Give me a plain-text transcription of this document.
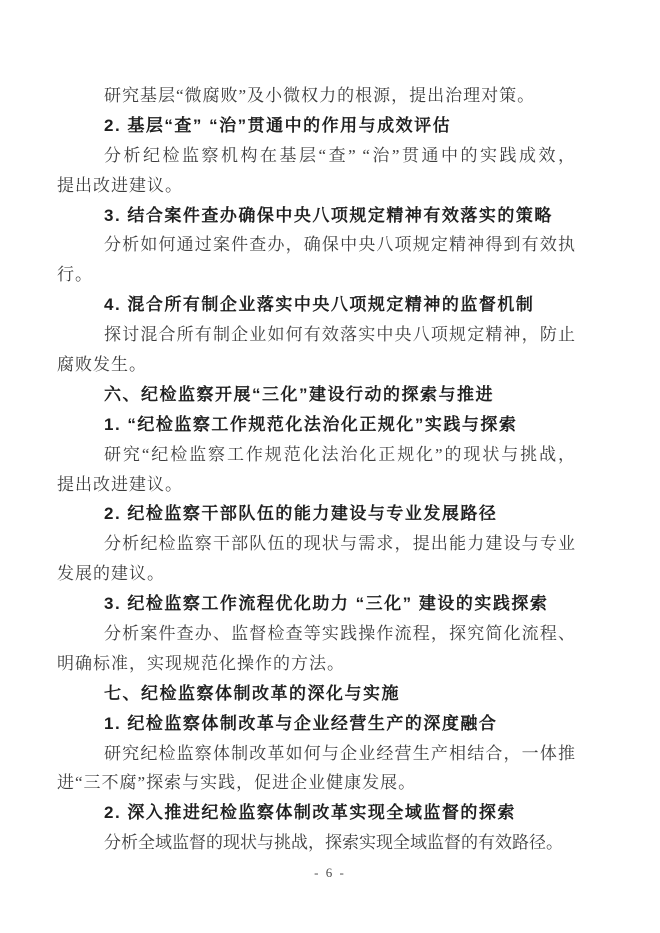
研究基层“微腐败”及小微权力的根源，提出治理对策。
2. 基层“查” “治”贯通中的作用与成效评估
分析纪检监察机构在基层“查” “治”贯通中的实践成效，
提出改进建议。
3. 结合案件查办确保中央八项规定精神有效落实的策略
分析如何通过案件查办，确保中央八项规定精神得到有效执
行。
4. 混合所有制企业落实中央八项规定精神的监督机制
探讨混合所有制企业如何有效落实中央八项规定精神，防止
腐败发生。
六、纪检监察开展“三化”建设行动的探索与推进
1. “纪检监察工作规范化法治化正规化”实践与探索
研究“纪检监察工作规范化法治化正规化”的现状与挑战，
提出改进建议。
2. 纪检监察干部队伍的能力建设与专业发展路径
分析纪检监察干部队伍的现状与需求，提出能力建设与专业
发展的建议。
3. 纪检监察工作流程优化助力 “三化” 建设的实践探索
分析案件查办、监督检查等实践操作流程，探究简化流程、
明确标准，实现规范化操作的方法。
七、纪检监察体制改革的深化与实施
1. 纪检监察体制改革与企业经营生产的深度融合
研究纪检监察体制改革如何与企业经营生产相结合，一体推
进“三不腐”探索与实践，促进企业健康发展。
2. 深入推进纪检监察体制改革实现全域监督的探索
分析全域监督的现状与挑战，探索实现全域监督的有效路径。
- 6 -
